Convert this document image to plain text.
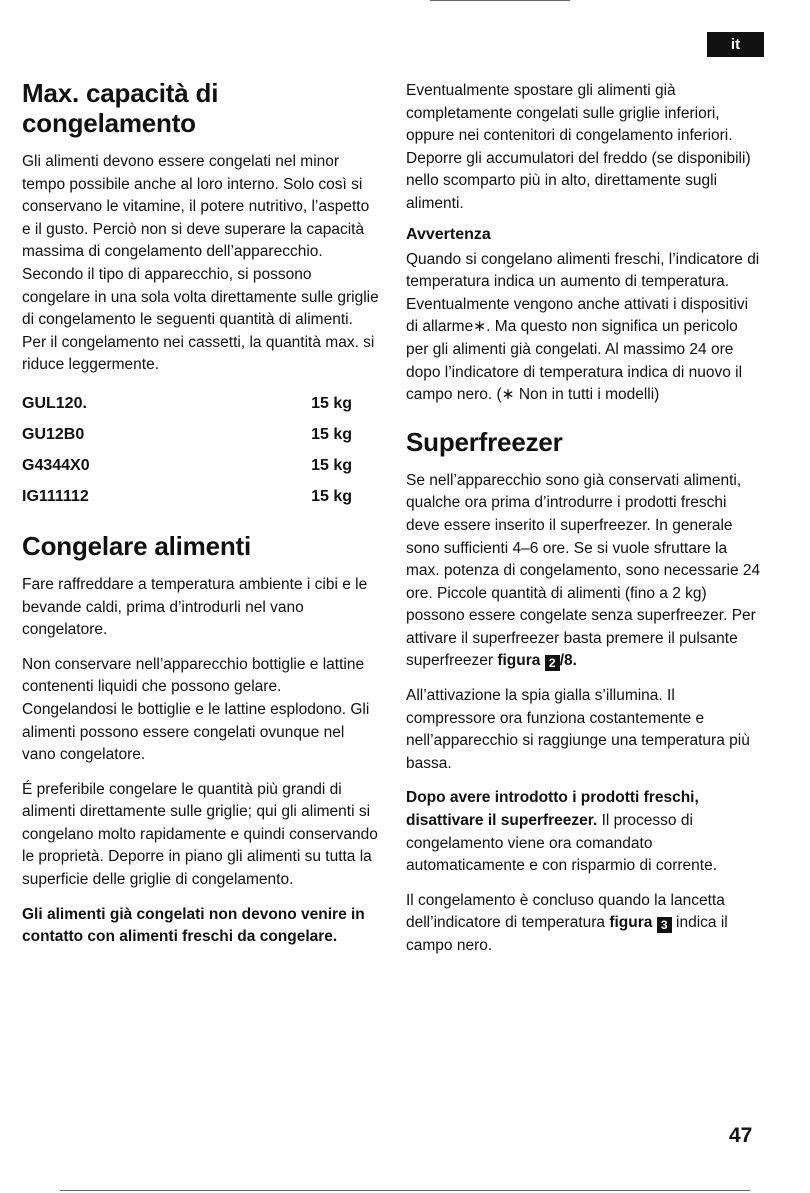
it
Max. capacità di congelamento

Gli alimenti devono essere congelati nel minor tempo possibile anche al loro interno. Solo così si conservano le vitamine, il potere nutritivo, l’aspetto e il gusto. Perciò non si deve superare la capacità massima di congelamento dell’apparecchio. Secondo il tipo di apparecchio, si possono congelare in una sola volta direttamente sulle griglie di congelamento le seguenti quantità di alimenti. Per il congelamento nei cassetti, la quantità max. si riduce leggermente.

GUL120.	15 kg
GU12B0	15 kg
G4344X0	15 kg
IG111112	15 kg
Congelare alimenti

Fare raffreddare a temperatura ambiente i cibi e le bevande caldi, prima d’introdurli nel vano congelatore.

Non conservare nell’apparecchio bottiglie e lattine contenenti liquidi che possono gelare. Congelandosi le bottiglie e le lattine esplodono. Gli alimenti possono essere congelati ovunque nel vano congelatore.

É preferibile congelare le quantità più grandi di alimenti direttamente sulle griglie; qui gli alimenti si congelano molto rapidamente e quindi conservando le proprietà. Deporre in piano gli alimenti su tutta la superficie delle griglie di congelamento.

Gli alimenti già congelati non devono venire in contatto con alimenti freschi da congelare.

Eventualmente spostare gli alimenti già completamente congelati sulle griglie inferiori, oppure nei contenitori di congelamento inferiori. Deporre gli accumulatori del freddo (se disponibili) nello scomparto più in alto, direttamente sugli alimenti.

Avvertenza

Quando si congelano alimenti freschi, l’indicatore di temperatura indica un aumento di temperatura. Eventualmente vengono anche attivati i dispositivi di allarme∗. Ma questo non significa un pericolo per gli alimenti già congelati. Al massimo 24 ore dopo l’indicatore di temperatura indica di nuovo il campo nero. (∗ Non in tutti i modelli)

Superfreezer

Se nell’apparecchio sono già conservati alimenti, qualche ora prima d’introdurre i prodotti freschi deve essere inserito il superfreezer. In generale sono sufficienti 4–6 ore. Se si vuole sfruttare la max. potenza di congelamento, sono necessarie 24 ore. Piccole quantità di alimenti (fino a 2 kg) possono essere congelate senza superfreezer. Per attivare il superfreezer basta premere il pulsante superfreezer figura 2 /8.

All’attivazione la spia gialla s’illumina. Il compressore ora funziona costantemente e nell’apparecchio si raggiunge una temperatura più bassa.

Dopo avere introdotto i prodotti freschi, disattivare il superfreezer. Il processo di congelamento viene ora comandato automaticamente e con risparmio di corrente.

Il congelamento è concluso quando la lancetta dell’indicatore di temperatura figura 3 indica il campo nero.

47
